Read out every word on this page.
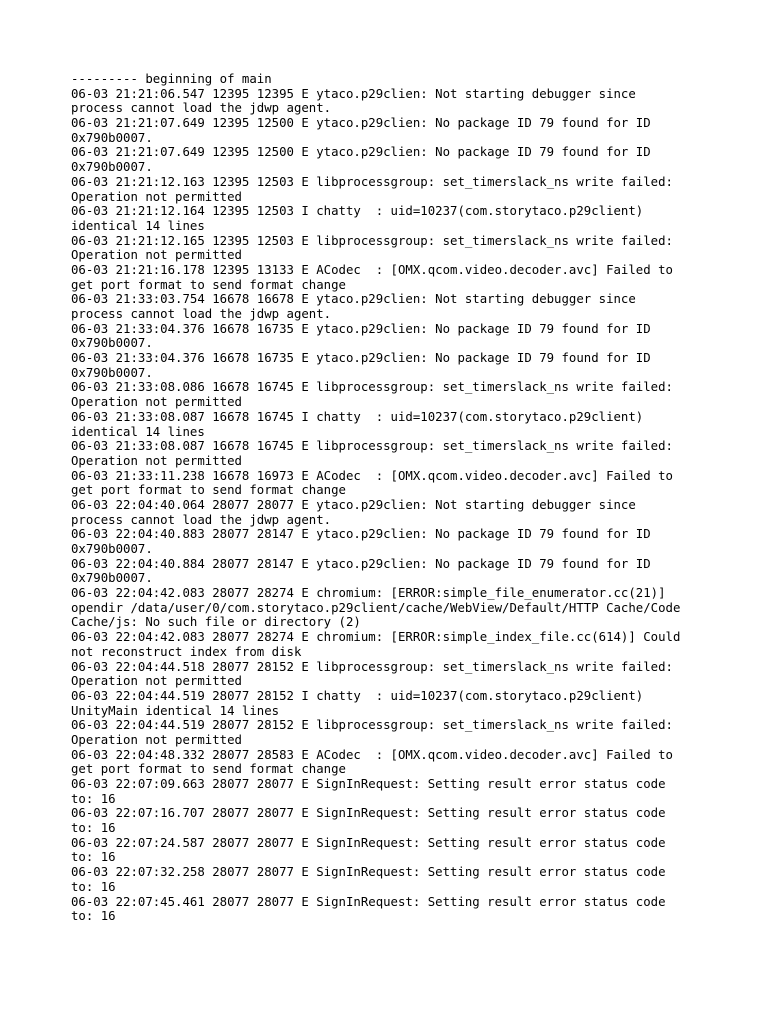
--------- beginning of main
06-03 21:21:06.547 12395 12395 E ytaco.p29clien: Not starting debugger since
process cannot load the jdwp agent.
06-03 21:21:07.649 12395 12500 E ytaco.p29clien: No package ID 79 found for ID
0x790b0007.
06-03 21:21:07.649 12395 12500 E ytaco.p29clien: No package ID 79 found for ID
0x790b0007.
06-03 21:21:12.163 12395 12503 E libprocessgroup: set_timerslack_ns write failed:
Operation not permitted
06-03 21:21:12.164 12395 12503 I chatty  : uid=10237(com.storytaco.p29client)
identical 14 lines
06-03 21:21:12.165 12395 12503 E libprocessgroup: set_timerslack_ns write failed:
Operation not permitted
06-03 21:21:16.178 12395 13133 E ACodec  : [OMX.qcom.video.decoder.avc] Failed to
get port format to send format change
06-03 21:33:03.754 16678 16678 E ytaco.p29clien: Not starting debugger since
process cannot load the jdwp agent.
06-03 21:33:04.376 16678 16735 E ytaco.p29clien: No package ID 79 found for ID
0x790b0007.
06-03 21:33:04.376 16678 16735 E ytaco.p29clien: No package ID 79 found for ID
0x790b0007.
06-03 21:33:08.086 16678 16745 E libprocessgroup: set_timerslack_ns write failed:
Operation not permitted
06-03 21:33:08.087 16678 16745 I chatty  : uid=10237(com.storytaco.p29client)
identical 14 lines
06-03 21:33:08.087 16678 16745 E libprocessgroup: set_timerslack_ns write failed:
Operation not permitted
06-03 21:33:11.238 16678 16973 E ACodec  : [OMX.qcom.video.decoder.avc] Failed to
get port format to send format change
06-03 22:04:40.064 28077 28077 E ytaco.p29clien: Not starting debugger since
process cannot load the jdwp agent.
06-03 22:04:40.883 28077 28147 E ytaco.p29clien: No package ID 79 found for ID
0x790b0007.
06-03 22:04:40.884 28077 28147 E ytaco.p29clien: No package ID 79 found for ID
0x790b0007.
06-03 22:04:42.083 28077 28274 E chromium: [ERROR:simple_file_enumerator.cc(21)]
opendir /data/user/0/com.storytaco.p29client/cache/WebView/Default/HTTP Cache/Code
Cache/js: No such file or directory (2)
06-03 22:04:42.083 28077 28274 E chromium: [ERROR:simple_index_file.cc(614)] Could
not reconstruct index from disk
06-03 22:04:44.518 28077 28152 E libprocessgroup: set_timerslack_ns write failed:
Operation not permitted
06-03 22:04:44.519 28077 28152 I chatty  : uid=10237(com.storytaco.p29client)
UnityMain identical 14 lines
06-03 22:04:44.519 28077 28152 E libprocessgroup: set_timerslack_ns write failed:
Operation not permitted
06-03 22:04:48.332 28077 28583 E ACodec  : [OMX.qcom.video.decoder.avc] Failed to
get port format to send format change
06-03 22:07:09.663 28077 28077 E SignInRequest: Setting result error status code
to: 16
06-03 22:07:16.707 28077 28077 E SignInRequest: Setting result error status code
to: 16
06-03 22:07:24.587 28077 28077 E SignInRequest: Setting result error status code
to: 16
06-03 22:07:32.258 28077 28077 E SignInRequest: Setting result error status code
to: 16
06-03 22:07:45.461 28077 28077 E SignInRequest: Setting result error status code
to: 16
